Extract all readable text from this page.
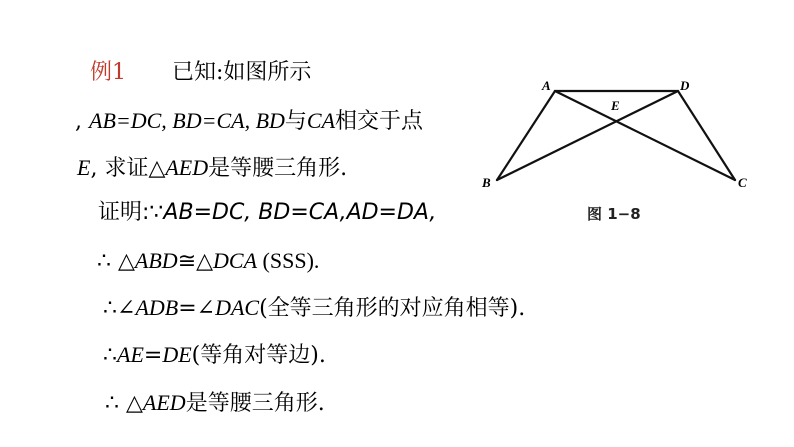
例1 已知:如图所示
, AB=DC, BD=CA, BD与CA相交于点
E, 求证△AED是等腰三角形.
证明:∵AB=DC, BD=CA,AD=DA,
∴ △ABD≅△DCA (SSS).
∴∠ADB=∠DAC(全等三角形的对应角相等).
∴AE=DE(等角对等边).
∴ △AED是等腰三角形.
A	D
E
B	C
图 1−8
